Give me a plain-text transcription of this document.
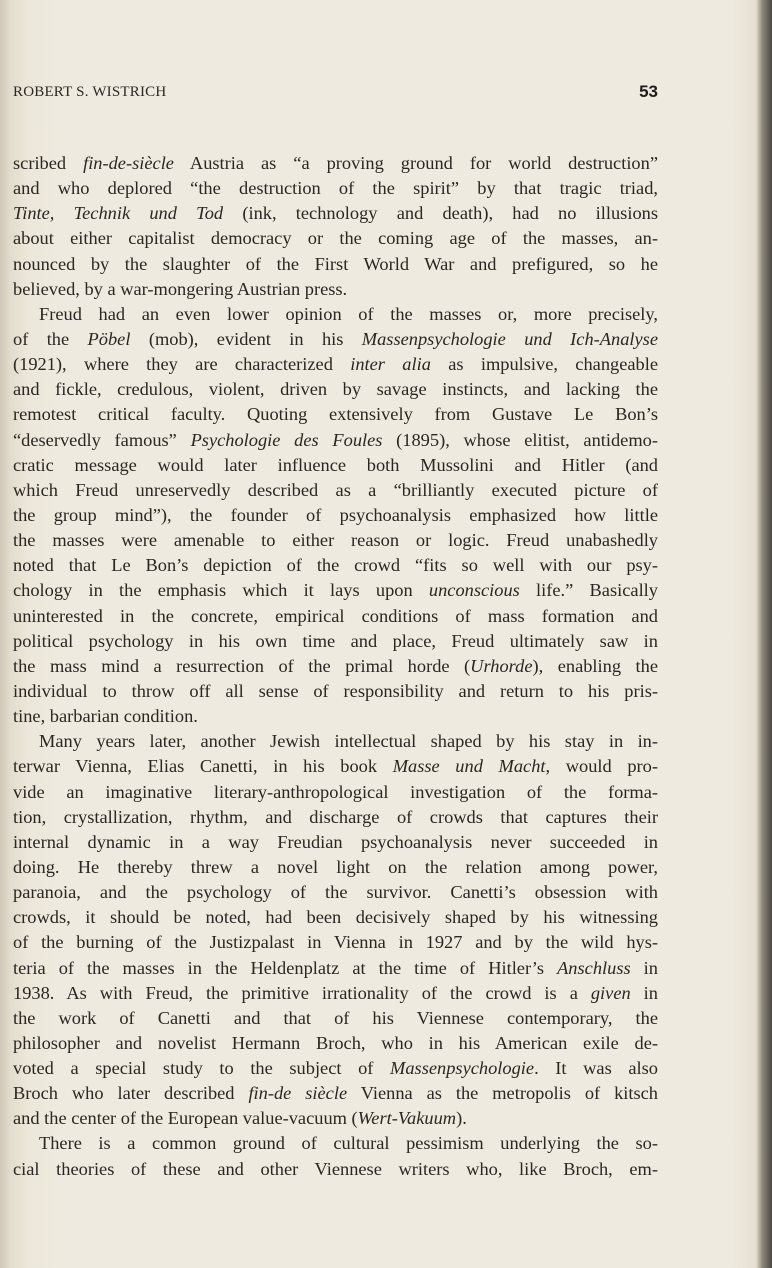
ROBERT S. WISTRICH	53
scribed fin-de-siècle Austria as “a proving ground for world destruction”
and who deplored “the destruction of the spirit” by that tragic triad,
Tinte, Technik und Tod (ink, technology and death), had no illusions
about either capitalist democracy or the coming age of the masses, an-
nounced by the slaughter of the First World War and prefigured, so he
believed, by a war-mongering Austrian press.
Freud had an even lower opinion of the masses or, more precisely,
of the Pöbel (mob), evident in his Massenpsychologie und Ich-Analyse
(1921), where they are characterized inter alia as impulsive, changeable
and fickle, credulous, violent, driven by savage instincts, and lacking the
remotest critical faculty. Quoting extensively from Gustave Le Bon’s
“deservedly famous” Psychologie des Foules (1895), whose elitist, antidemo-
cratic message would later influence both Mussolini and Hitler (and
which Freud unreservedly described as a “brilliantly executed picture of
the group mind”), the founder of psychoanalysis emphasized how little
the masses were amenable to either reason or logic. Freud unabashedly
noted that Le Bon’s depiction of the crowd “fits so well with our psy-
chology in the emphasis which it lays upon unconscious life.” Basically
uninterested in the concrete, empirical conditions of mass formation and
political psychology in his own time and place, Freud ultimately saw in
the mass mind a resurrection of the primal horde (Urhorde), enabling the
individual to throw off all sense of responsibility and return to his pris-
tine, barbarian condition.
Many years later, another Jewish intellectual shaped by his stay in in-
terwar Vienna, Elias Canetti, in his book Masse und Macht, would pro-
vide an imaginative literary-anthropological investigation of the forma-
tion, crystallization, rhythm, and discharge of crowds that captures their
internal dynamic in a way Freudian psychoanalysis never succeeded in
doing. He thereby threw a novel light on the relation among power,
paranoia, and the psychology of the survivor. Canetti’s obsession with
crowds, it should be noted, had been decisively shaped by his witnessing
of the burning of the Justizpalast in Vienna in 1927 and by the wild hys-
teria of the masses in the Heldenplatz at the time of Hitler’s Anschluss in
1938. As with Freud, the primitive irrationality of the crowd is a given in
the work of Canetti and that of his Viennese contemporary, the
philosopher and novelist Hermann Broch, who in his American exile de-
voted a special study to the subject of Massenpsychologie. It was also
Broch who later described fin-de siècle Vienna as the metropolis of kitsch
and the center of the European value-vacuum (Wert-Vakuum).
There is a common ground of cultural pessimism underlying the so-
cial theories of these and other Viennese writers who, like Broch, em-
